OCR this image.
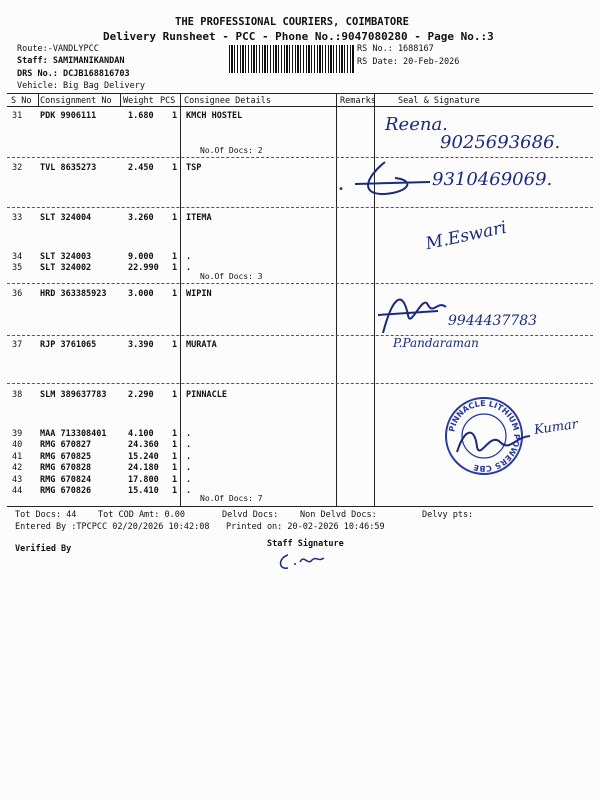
THE PROFESSIONAL COURIERS, COIMBATORE
Delivery Runsheet - PCC - Phone No.:9047080280 - Page No.:3
Route:-VANDLYPCC
Staff: SAMIMANIKANDAN
DRS No.: DCJB168816703
Vehicle: Big Bag Delivery
RS No.: 1688167
RS Date: 20-Feb-2026
S No Consignment No Weight PCS Consignee Details	Remarks	Seal & Signature
31 PDK 9906111	1.680 1 KMCH HOSTEL
32 TVL 8635273	2.450 1 TSP
33 SLT 324004	3.260 1 ITEMA
34 SLT 324003	9.000 1 .
35 SLT 324002	22.990 1 .
36 HRD 363385923	3.000 1 WIPIN
37 RJP 3761065	3.390 1 MURATA
38 SLM 389637783	2.290 1 PINNACLE
39 MAA 713308401	4.100 1 .
40 RMG 670827	24.360 1 .
41 RMG 670825	15.240 1 .
42 RMG 670828	24.180 1 .
43 RMG 670824	17.800 1 .
44 RMG 670826	15.410 1 .
No.Of Docs: 2
No.Of Docs: 3
No.Of Docs: 7
Reena.
9025693686.
•	9310469069.
M.Eswari
9944437783
P.Pandaraman
PINNACLE LITHIUM POWERS CBE
Kumar
Tot Docs: 44	Tot COD Amt: 0.00	Delvd Docs:	Non Delvd Docs:	Delvy pts:
Entered By :TPCPCC 02/20/2026 10:42:08 Printed on: 20-02-2026 10:46:59
Verified By	Staff Signature
